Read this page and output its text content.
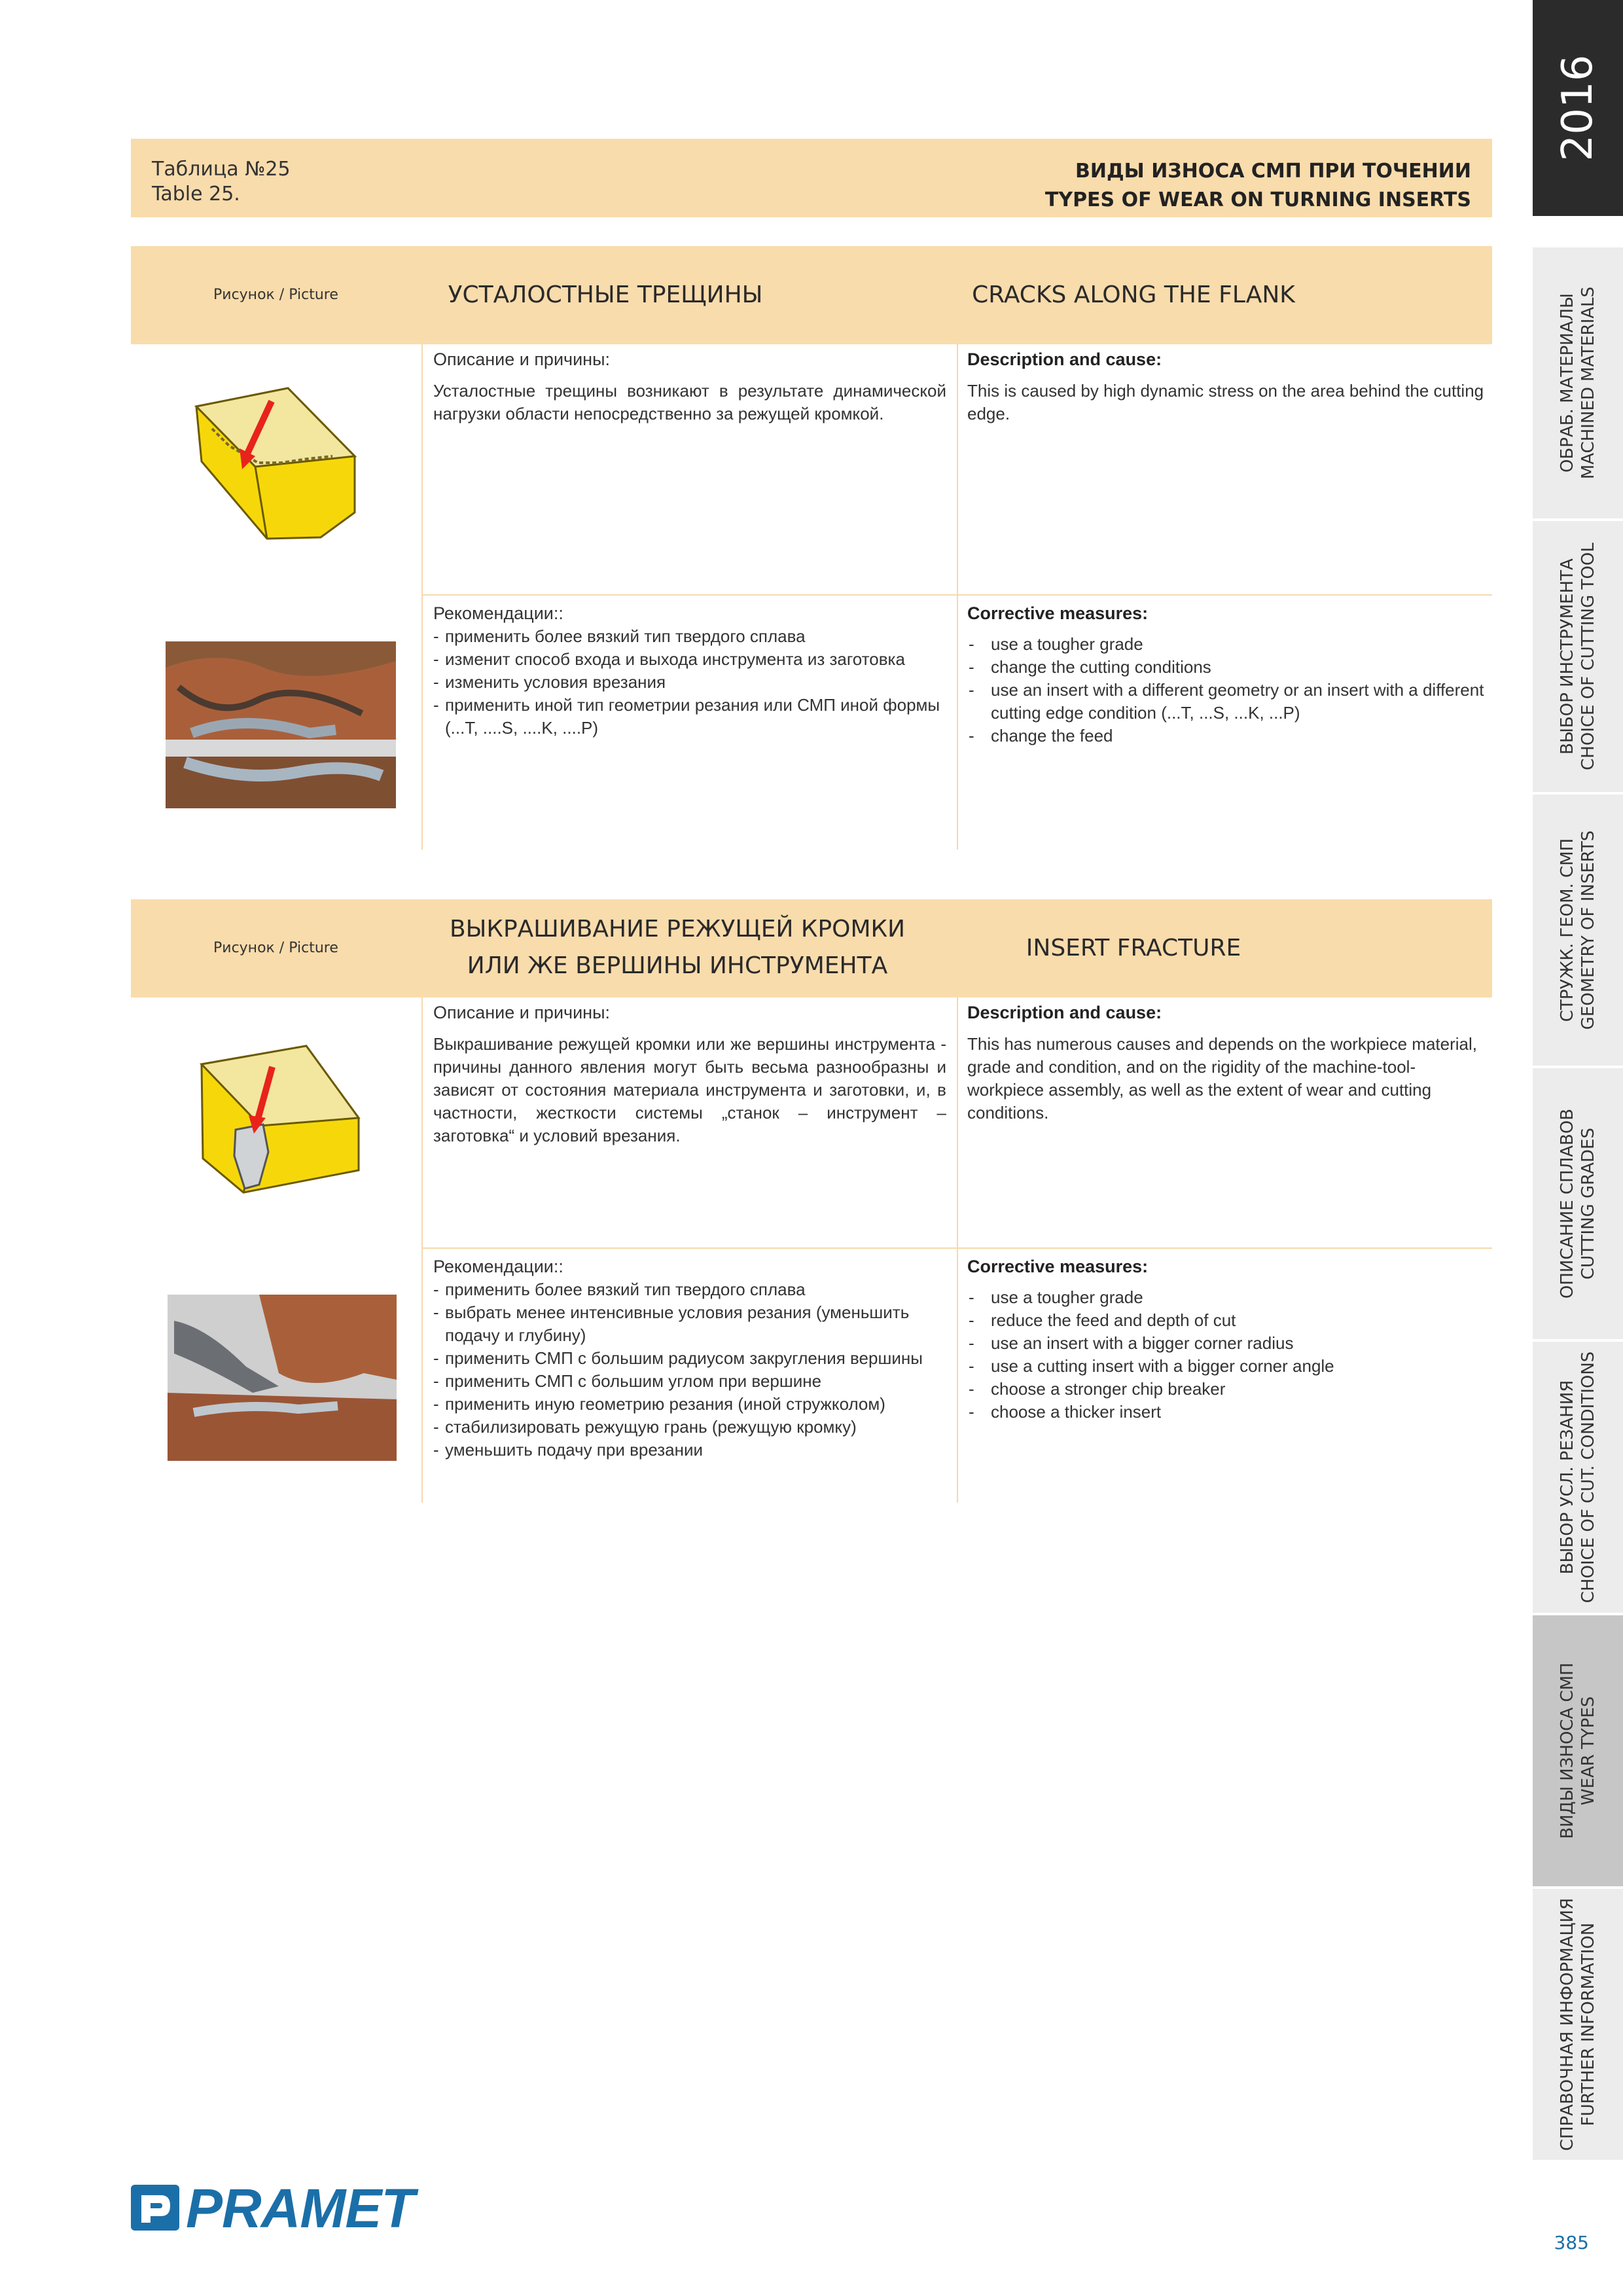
Таблица №25
Table 25.
ВИДЫ ИЗНОСА СМП ПРИ ТОЧЕНИИ
TYPES OF WEAR ON TURNING INSERTS
Рисунок / Picture	УСТАЛОСТНЫЕ ТРЕЩИНЫ	CRACKS ALONG THE FLANK
Описание и причины:
Усталостные трещины возникают в результате динамической нагрузки области непосредственно за режущей кромкой.
Description and cause:
This is caused by high dynamic stress on the area behind the cutting edge.
Рекомендации::
- применить более вязкий тип твердого сплава
- изменит способ входа и выхода инструмента из заготовка
- изменить условия врезания
- применить иной тип геометрии резания или СМП иной формы (...T, ....S, ....K, ....P)
Corrective measures:
- use a tougher grade
- change the cutting conditions
- use an insert with a different geometry or an insert with a different cutting edge condition (...T, ...S, ...K, ...P)
- change the feed
Рисунок / Picture
ВЫКРАШИВАНИЕ РЕЖУЩЕЙ КРОМКИ
ИЛИ ЖЕ ВЕРШИНЫ ИНСТРУМЕНТА
INSERT FRACTURE
Описание и причины:
Выкрашивание режущей кромки или же вершины инструмента - причины данного явления могут быть весьма разнообразны и зависят от состояния материала инструмента и заготовки, и, в частности, жесткости системы „станок – инструмент – заготовка“ и условий врезания.
Description and cause:
This has numerous causes and depends on the workpiece material, grade and condition, and on the rigidity of the machine-tool-workpiece assembly, as well as the extent of wear and cutting conditions.
Рекомендации::
- применить более вязкий тип твердого сплава
- выбрать менее интенсивные условия резания (уменьшить подачу и глубину)
- применить СМП с большим радиусом закругления вершины
- применить СМП с большим углом при вершине
- применить иную геометрию резания (иной стружколом)
- стабилизировать режущую грань (режущую кромку)
- уменьшить подачу при врезании
Corrective measures:
- use a tougher grade
- reduce the feed and depth of cut
- use an insert with a bigger corner radius
- use a cutting insert with a bigger corner angle
- choose a stronger chip breaker
- choose a thicker insert
2016
ОБРАБ. МАТЕРИАЛЫ MACHINED MATERIALS
ВЫБОР ИНСТРУМЕНТА CHOICE OF CUTTING TOOL
СТРУЖК. ГЕОМ. СМП GEOMETRY OF INSERTS
ОПИСАНИЕ СПЛАВОВ CUTTING GRADES
ВЫБОР УСЛ. РЕЗАНИЯ CHOICE OF CUT. CONDITIONS
ВИДЫ ИЗНОСА СМП WEAR TYPES
СПРАВОЧНАЯ ИНФОРМАЦИЯ FURTHER INFORMATION
PRAMET
385
